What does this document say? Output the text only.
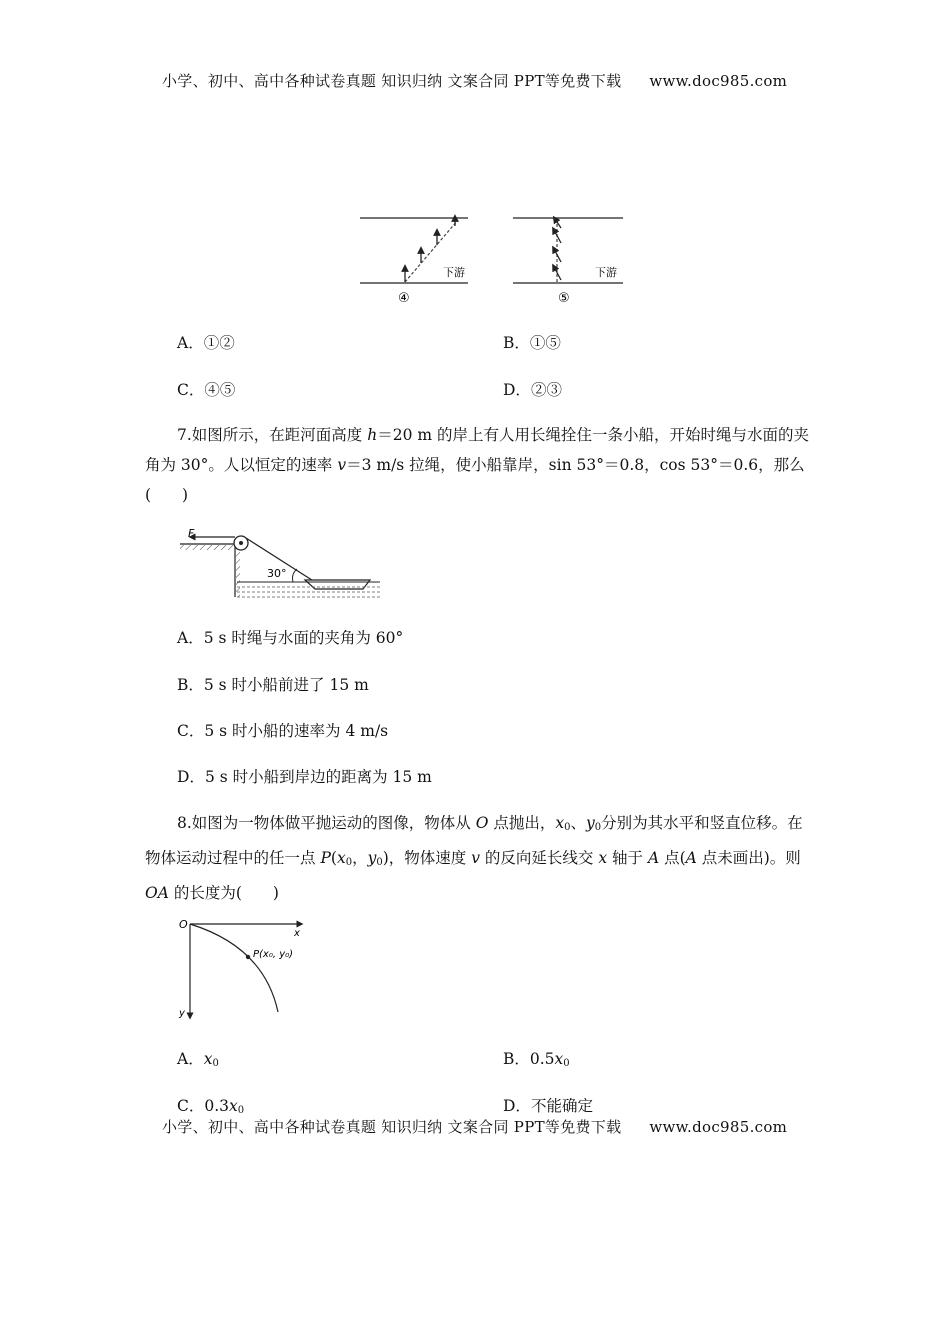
小学、初中、高中各种试卷真题 知识归纳 文案合同 PPT等免费下载 www.doc985.com
下游
④
下游
⑤
A．①②	B．①⑤
C．④⑤	D．②③
7.如图所示，在距河面高度 h＝20 m 的岸上有人用长绳拴住一条小船，开始时绳与水面的夹角为 30°。人以恒定的速率 v＝3 m/s 拉绳，使小船靠岸，sin 53°＝0.8，cos 53°＝0.6，那么(　　)
F
30°
A．5 s 时绳与水面的夹角为 60°
B．5 s 时小船前进了 15 m
C．5 s 时小船的速率为 4 m/s
D．5 s 时小船到岸边的距离为 15 m
8.如图为一物体做平抛运动的图像，物体从 O 点抛出，$x_0$、$y_0$分别为其水平和竖直位移。在物体运动过程中的任一点 $P(x_0$，$y_0$)，物体速度 v 的反向延长线交 x 轴于 A 点(A 点未画出)。则 OA 的长度为(　　)
O
x
y
P(x₀, y₀)
A．$x_0$	B．$0.5x_0$
C．$0.3x_0$	D．不能确定
小学、初中、高中各种试卷真题 知识归纳 文案合同 PPT等免费下载 www.doc985.com
